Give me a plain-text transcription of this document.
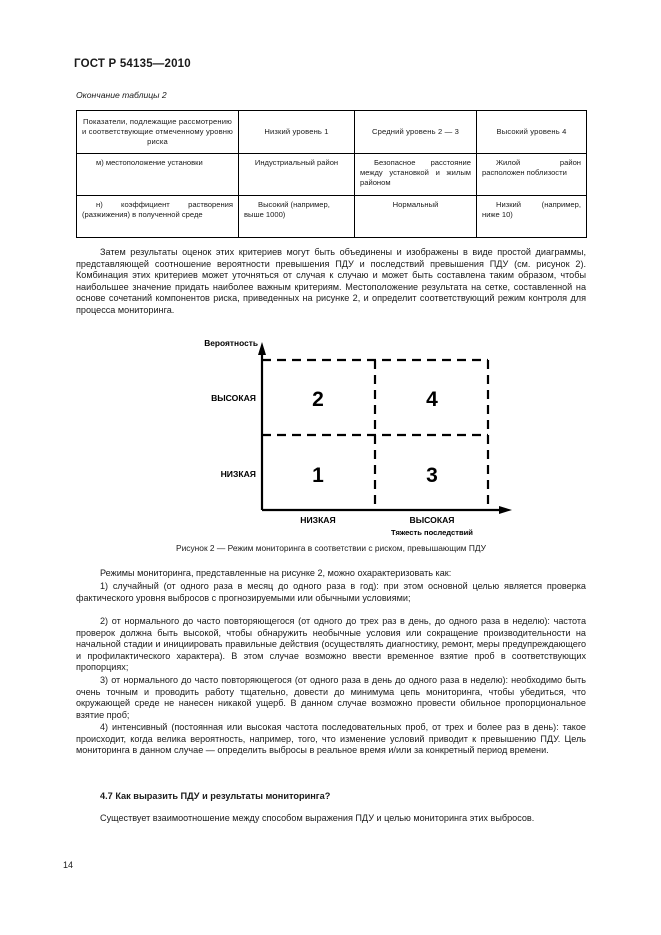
ГОСТ Р 54135—2010
Окончание таблицы 2
Показатели, подлежащие рассмотрению и соответствующие отмеченному уровню риска	Низкий уровень 1	Средний уровень 2 — 3	Высокий уровень 4
м) местоположение установки	Индустриальный район	Безопасное расстояние между установкой и жилым районом	Жилой район расположен поблизости
н) коэффициент растворения (разжижения) в полученной среде	Высокий (например, выше 1000)	Нормальный	Низкий (например, ниже 10)
Затем результаты оценок этих критериев могут быть объединены и изображены в виде простой диаграммы, представляющей соотношение вероятности превышения ПДУ и последствий превышения ПДУ (см. рисунок 2). Комбинация этих критериев может уточняться от случая к случаю и может быть составлена таким образом, чтобы наибольшее значение придать наиболее важным критериям. Местоположение результата на сетке, составленной на основе сочетаний компонентов риска, приведенных на рисунке 2, и определит соответствующий режим контроля для процесса мониторинга.
Вероятность
ВЫСОКАЯ
НИЗКАЯ
НИЗКАЯ	ВЫСОКАЯ
Тяжесть последствий
2	4
1	3
Рисунок 2 — Режим мониторинга в соответствии с риском, превышающим ПДУ
Режимы мониторинга, представленные на рисунке 2, можно охарактеризовать как:
1) случайный (от одного раза в месяц до одного раза в год): при этом основной целью является проверка фактического уровня выбросов с прогнозируемыми или обычными условиями;
2) от нормального до часто повторяющегося (от одного до трех раз в день, до одного раза в неделю): частота проверок должна быть высокой, чтобы обнаружить необычные условия или сокращение производительности на начальной стадии и инициировать правильные действия (осуществлять диагностику, ремонт, меры предупреждающего и профилактического характера). В этом случае возможно ввести временное взятие проб в соответствующих пропорциях;
3) от нормального до часто повторяющегося (от одного раза в день до одного раза в неделю): необходимо быть очень точным и проводить работу тщательно, довести до минимума цепь мониторинга, чтобы убедиться, что окружающей среде не нанесен никакой ущерб. В данном случае возможно провести обильное пропорциональное взятие проб;
4) интенсивный (постоянная или высокая частота последовательных проб, от трех и более раз в день): такое происходит, когда велика вероятность, например, того, что изменение условий приводит к превышению ПДУ. Цель мониторинга в данном случае — определить выбросы в реальное время и/или за конкретный период времени.
4.7 Как выразить ПДУ и результаты мониторинга?
Существует взаимоотношение между способом выражения ПДУ и целью мониторинга этих выбросов.
14
